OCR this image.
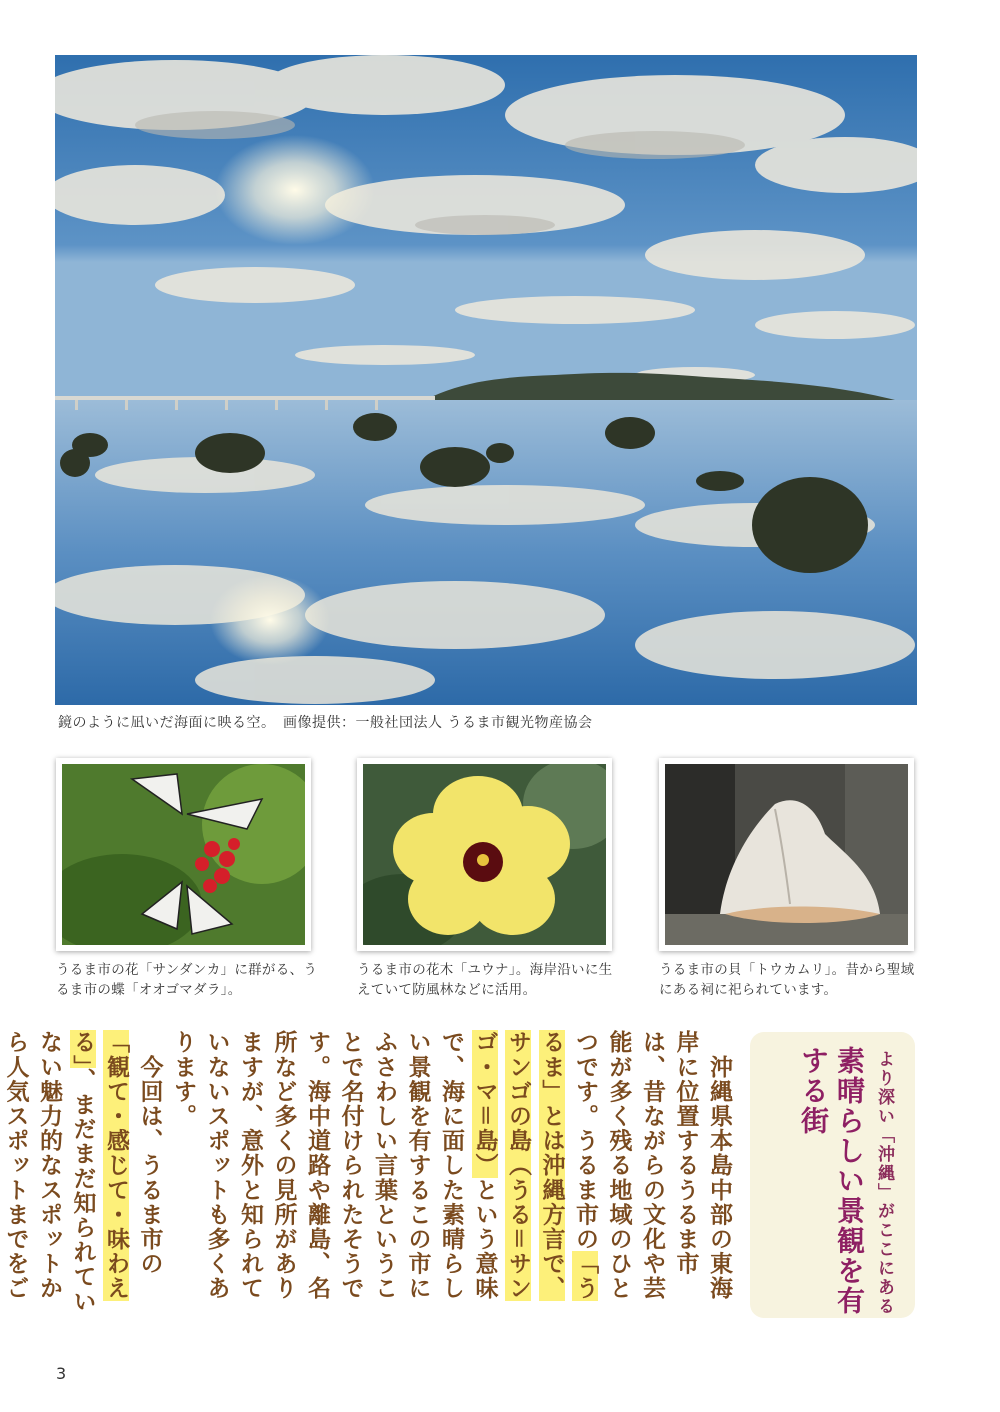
鏡のように凪いだ海面に映る空。　画像提供：一般社団法人 うるま市観光物産協会
うるま市の花「サンダンカ」に群がる、うるま市の蝶「オオゴマダラ」。
うるま市の花木「ユウナ」。海岸沿いに生えていて防風林などに活用。
うるま市の貝「トウカムリ」。昔から聖域にある祠に祀られています。
より深い「沖縄」がここにある
素晴らしい景観を有する街

　沖縄県本島中部の東海岸に位置するうるま市は、昔ながらの文化や芸能が多く残る地域のひとつです。うるま市の「うるま」とは沖縄方言で、サンゴの島（うる＝サンゴ・マ＝島）という意味で、海に面した素晴らしい景観を有するこの市にふさわしい言葉ということで名付けられたそうです。海中道路や離島、名所など多くの見所がありますが、意外と知られていないスポットも多くあります。

　今回は、うるま市の「観て・感じて・味わえる」、まだまだ知られていない魅力的なスポットから人気スポットまでをご

3
